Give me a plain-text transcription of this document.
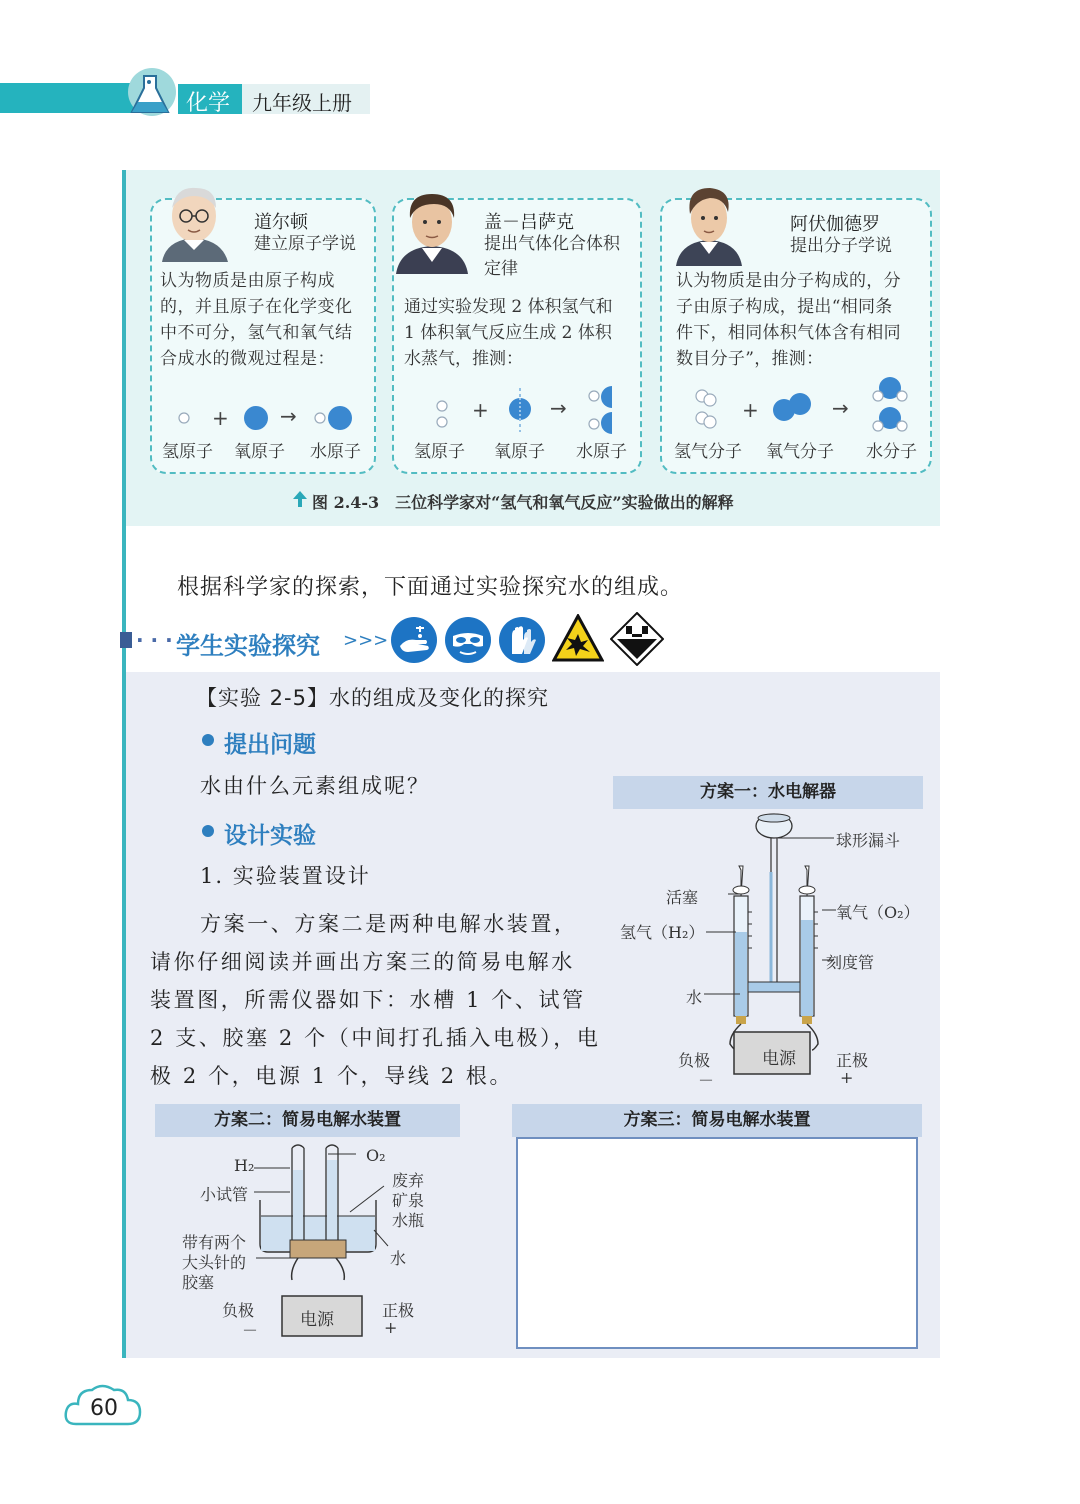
化学 九年级上册
道尔顿
建立原子学说
认为物质是由原子构成
的，并且原子在化学变化
中不可分，氢气和氧气结
合成水的微观过程是：
+	→
氢原子 氧原子 水原子
盖－吕萨克
提出气体化合体积
定律
通过实验发现 2 体积氢气和
1 体积氧气反应生成 2 体积
水蒸气，推测：
+	→
氢原子 氧原子 水原子
阿伏伽德罗
提出分子学说
认为物质是由分子构成的，分
子由原子构成，提出“相同条
件下，相同体积气体含有相同
数目分子”，推测：
+	→
氢气分子 氧气分子 水分子
图 2.4-3　三位科学家对“氢气和氧气反应”实验做出的解释
根据科学家的探索，下面通过实验探究水的组成。
· · · 学生实验探究 >>>
【实验 2-5】水的组成及变化的探究
提出问题
水由什么元素组成呢？
设计实验
1. 实验装置设计
方案一、方案二是两种电解水装置，
请你仔细阅读并画出方案三的简易电解水
装置图，所需仪器如下：水槽 1 个、试管
2 支、胶塞 2 个（中间打孔插入电极），电
极 2 个，电源 1 个，导线 2 根。
方案一：水电解器
电源
球形漏斗
活塞
氧气（O₂）
氢气（H₂）
刻度管
水
负极
－
正极
+
方案二：简易电解水装置
电源
H₂
O₂
小试管
废弃
矿泉
水瓶
带有两个
大头针的
胶塞
水
负极
－
正极
+
方案三：简易电解水装置
60
